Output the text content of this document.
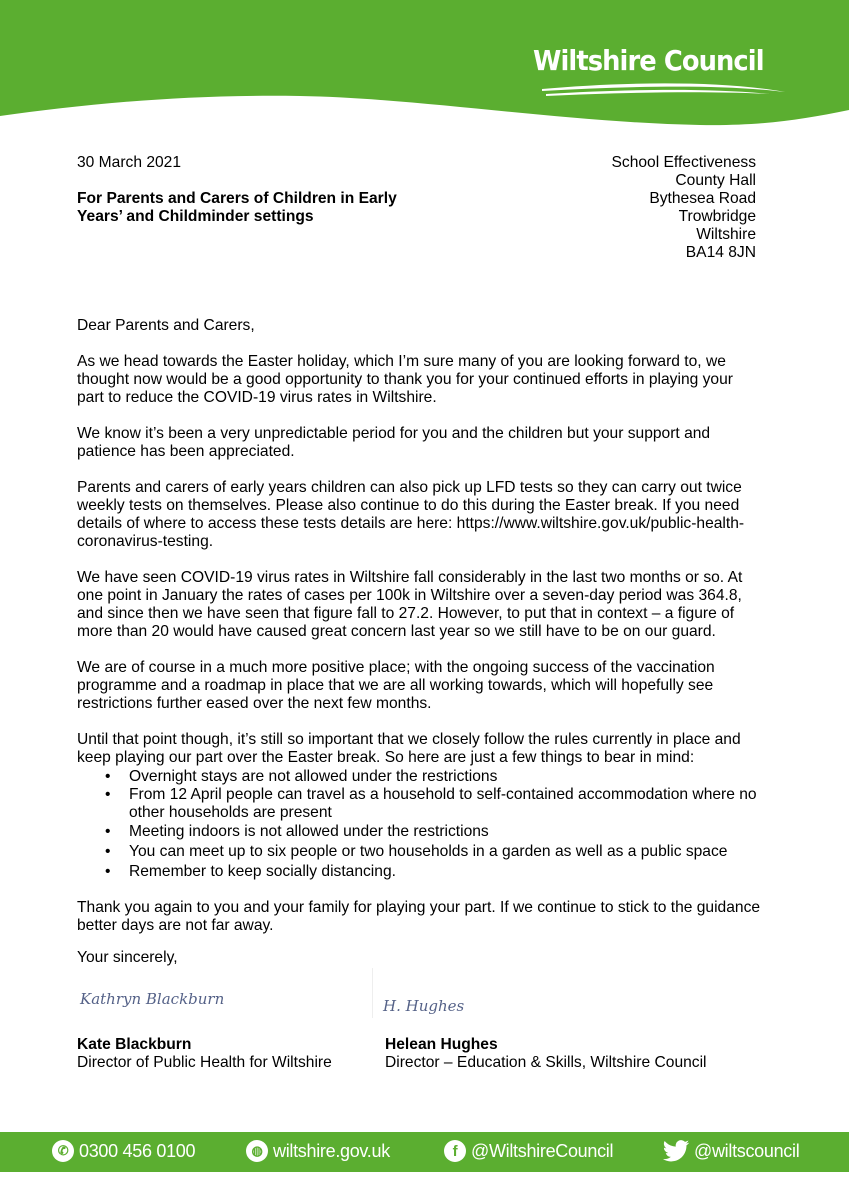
Wiltshire Council
30 March 2021
For Parents and Carers of Children in Early
Years’ and Childminder settings
School Effectiveness
County Hall
Bythesea Road
Trowbridge
Wiltshire
BA14 8JN
Dear Parents and Carers,
As we head towards the Easter holiday, which I’m sure many of you are looking forward to, we
thought now would be a good opportunity to thank you for your continued efforts in playing your
part to reduce the COVID-19 virus rates in Wiltshire.
We know it’s been a very unpredictable period for you and the children but your support and
patience has been appreciated.
Parents and carers of early years children can also pick up LFD tests so they can carry out twice
weekly tests on themselves. Please also continue to do this during the Easter break. If you need
details of where to access these tests details are here: https://www.wiltshire.gov.uk/public-health-
coronavirus-testing.
We have seen COVID-19 virus rates in Wiltshire fall considerably in the last two months or so. At
one point in January the rates of cases per 100k in Wiltshire over a seven-day period was 364.8,
and since then we have seen that figure fall to 27.2. However, to put that in context – a figure of
more than 20 would have caused great concern last year so we still have to be on our guard.
We are of course in a much more positive place; with the ongoing success of the vaccination
programme and a roadmap in place that we are all working towards, which will hopefully see
restrictions further eased over the next few months.
Until that point though, it’s still so important that we closely follow the rules currently in place and
keep playing our part over the Easter break. So here are just a few things to bear in mind:
• Overnight stays are not allowed under the restrictions
• From 12 April people can travel as a household to self-contained accommodation where no
other households are present
• Meeting indoors is not allowed under the restrictions
• You can meet up to six people or two households in a garden as well as a public space
• Remember to keep socially distancing.
Thank you again to you and your family for playing your part. If we continue to stick to the guidance
better days are not far away.
Your sincerely,
Kathryn Blackburn	H. Hughes
Kate Blackburn
Director of Public Health for Wiltshire
Helean Hughes
Director – Education & Skills, Wiltshire Council
✆ 0300 456 0100	◍ wiltshire.gov.uk	f @WiltshireCouncil	@wiltscouncil
